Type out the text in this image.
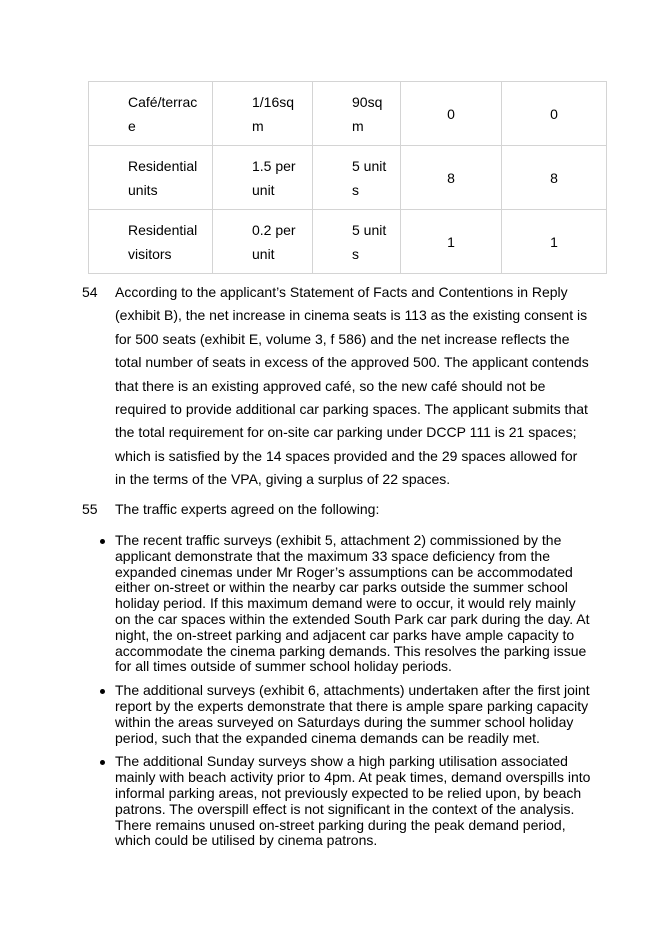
Café/terrace	1/16sqm	90sqm	0	0

Residential units	1.5 per unit	5 units	8	8

Residential visitors	0.2 per unit	5 units	1	1
54 According to the applicant’s Statement of Facts and Contentions in Reply (exhibit B), the net increase in cinema seats is 113 as the existing consent is for 500 seats (exhibit E, volume 3, f 586) and the net increase reflects the total number of seats in excess of the approved 500. The applicant contends that there is an existing approved café, so the new café should not be required to provide additional car parking spaces. The applicant submits that the total requirement for on-site car parking under DCCP 111 is 21 spaces; which is satisfied by the 14 spaces provided and the 29 spaces allowed for in the terms of the VPA, giving a surplus of 22 spaces.
55 The traffic experts agreed on the following:
The recent traffic surveys (exhibit 5, attachment 2) commissioned by the applicant demonstrate that the maximum 33 space deficiency from the expanded cinemas under Mr Roger’s assumptions can be accommodated either on-street or within the nearby car parks outside the summer school holiday period. If this maximum demand were to occur, it would rely mainly on the car spaces within the extended South Park car park during the day. At night, the on-street parking and adjacent car parks have ample capacity to accommodate the cinema parking demands. This resolves the parking issue for all times outside of summer school holiday periods.
The additional surveys (exhibit 6, attachments) undertaken after the first joint report by the experts demonstrate that there is ample spare parking capacity within the areas surveyed on Saturdays during the summer school holiday period, such that the expanded cinema demands can be readily met.
The additional Sunday surveys show a high parking utilisation associated mainly with beach activity prior to 4pm. At peak times, demand overspills into informal parking areas, not previously expected to be relied upon, by beach patrons. The overspill effect is not significant in the context of the analysis. There remains unused on-street parking during the peak demand period, which could be utilised by cinema patrons.
